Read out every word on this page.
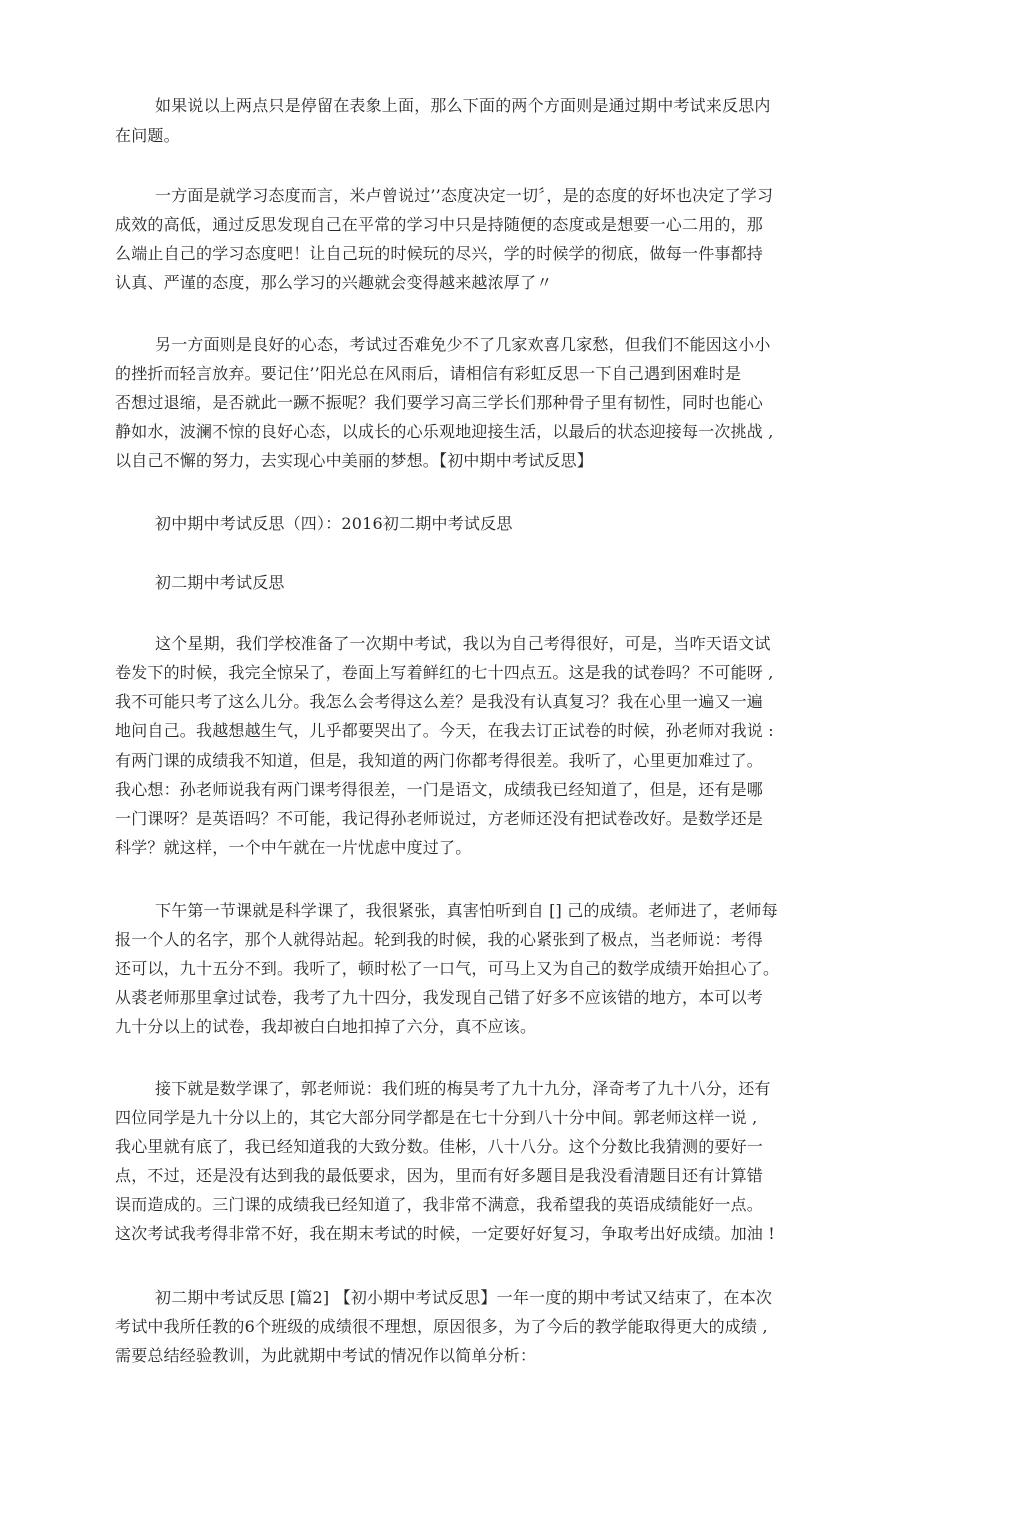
如果说以上两点只是停留在表象上面，那么下面的两个方面则是通过期中考试来反思内
在问题。
一方面是就学习态度而言，米卢曾说过’’态度决定一切〞，是的态度的好坏也决定了学习
成效的高低，通过反思发现自己在平常的学习中只是持随便的态度或是想要一心二用的，那
么端止自己的学习态度吧！让自己玩的时候玩的尽兴，学的时候学的彻底，做每一件事都持
认真、严谨的态度，那么学习的兴趣就会变得越来越浓厚了〃
另一方面则是良好的心态，考试过否难免少不了几家欢喜几家愁，但我们不能因这小小
的挫折而轻言放弃。要记住’’阳光总在风雨后，请相信有彩虹反思一下自己遇到困难时是
否想过退缩，是否就此一蹶不振呢？我们要学习高三学长们那种骨子里有韧性，同时也能心
静如水，波澜不惊的良好心态，以成长的心乐观地迎接生活，以最后的状态迎接每一次挑战 ,
以自己不懈的努力，去实现心中美丽的梦想。【初中期中考试反思】
初中期中考试反思（四）：2016初二期中考试反思
初二期中考试反思
这个星期，我们学校准备了一次期中考试，我以为自己考得很好，可是，当咋天语文试
卷发下的时候，我完全惊呆了，卷面上写着鲜红的七十四点五。这是我的试卷吗？不可能呀 ,
我不可能只考了这么儿分。我怎么会考得这么差？是我没有认真复习？我在心里一遍又一遍
地问自己。我越想越生气，儿乎都要哭出了。今天，在我去订正试卷的时候，孙老师对我说 :
有两门课的成绩我不知道，但是，我知道的两门你都考得很差。我听了，心里更加难过了。
我心想：孙老师说我有两门课考得很差，一门是语文，成绩我已经知道了，但是，还有是哪
一门课呀？是英语吗？不可能，我记得孙老师说过，方老师还没有把试卷改好。是数学还是
科学？就这样，一个中午就在一片忧虑中度过了。
下午第一节课就是科学课了，我很紧张，真害怕听到自 [] 己的成绩。老师进了，老师每
报一个人的名字，那个人就得站起。轮到我的时候，我的心紧张到了极点，当老师说：考得
还可以，九十五分不到。我听了，顿时松了一口气，可马上又为自己的数学成绩开始担心了。
从裘老师那里拿过试卷，我考了九十四分，我发现自己错了好多不应该错的地方，本可以考
九十分以上的试卷，我却被白白地扣掉了六分，真不应该。
接下就是数学课了，郭老师说：我们班的梅昊考了九十九分，泽奇考了九十八分，还有
四位同学是九十分以上的，其它大部分同学都是在七十分到八十分中间。郭老师这样一说 ,
我心里就有底了，我已经知道我的大致分数。佳彬，八十八分。这个分数比我猜测的要好一
点，不过，还是没有达到我的最低要求，因为，里而有好多题目是我没看清题目还有计算错
误而造成的。三门课的成绩我已经知道了，我非常不满意，我希望我的英语成绩能好一点。
这次考试我考得非常不好，我在期末考试的时候，一定要好好复习，争取考出好成绩。加油 !
初二期中考试反思 [篇2] 【初小期中考试反思】一年一度的期中考试又结束了，在本次
考试中我所任教的6个班级的成绩很不理想，原因很多，为了今后的教学能取得更大的成绩 ,
需要总结经验教训，为此就期中考试的情况作以简单分析：
